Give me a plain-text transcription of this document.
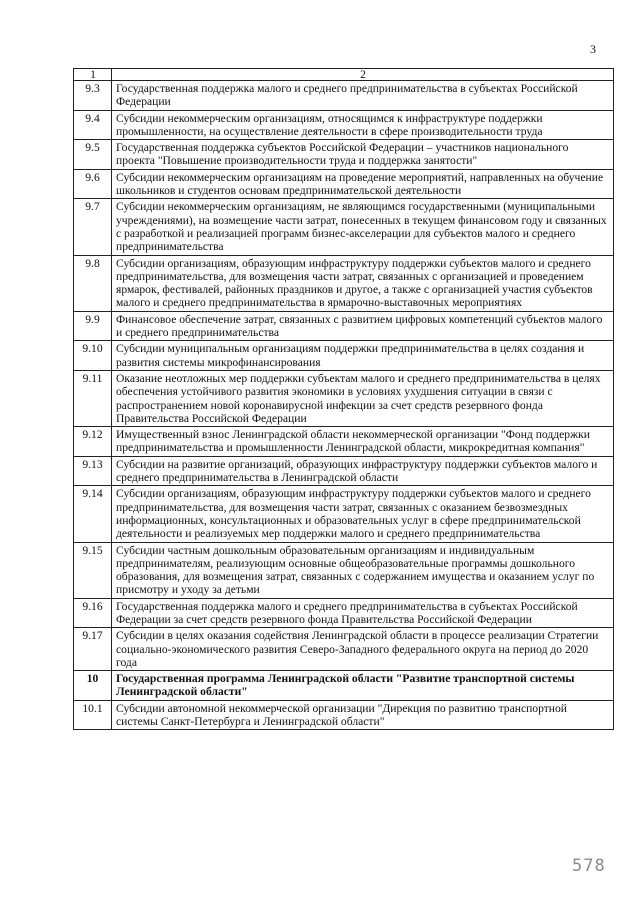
3
1	2
9.3	Государственная поддержка малого и среднего предпринимательства в субъектах Российской Федерации
9.4	Субсидии некоммерческим организациям, относящимся к инфраструктуре поддержки промышленности, на осуществление деятельности в сфере производительности труда
9.5	Государственная поддержка субъектов Российской Федерации – участников национального проекта "Повышение производительности труда и поддержка занятости"
9.6	Субсидии некоммерческим организациям на проведение мероприятий, направленных на обучение школьников и студентов основам предпринимательской деятельности
9.7	Субсидии некоммерческим организациям, не являющимся государственными (муниципальными учреждениями), на возмещение части затрат, понесенных в текущем финансовом году и связанных с разработкой и реализацией программ бизнес-акселерации для субъектов малого и среднего предпринимательства
9.8	Субсидии организациям, образующим инфраструктуру поддержки субъектов малого и среднего предпринимательства, для возмещения части затрат, связанных с организацией и проведением ярмарок, фестивалей, районных праздников и другое, а также с организацией участия субъектов малого и среднего предпринимательства в ярмарочно-выставочных мероприятиях
9.9	Финансовое обеспечение затрат, связанных с развитием цифровых компетенций субъектов малого и среднего предпринимательства
9.10	Субсидии муниципальным организациям поддержки предпринимательства в целях создания и развития системы микрофинансирования
9.11	Оказание неотложных мер поддержки субъектам малого и среднего предпринимательства в целях обеспечения устойчивого развития экономики в условиях ухудшения ситуации в связи с распространением новой коронавирусной инфекции за счет средств резервного фонда Правительства Российской Федерации
9.12	Имущественный взнос Ленинградской области некоммерческой организации "Фонд поддержки предпринимательства и промышленности Ленинградской области, микрокредитная компания"
9.13	Субсидии на развитие организаций, образующих инфраструктуру поддержки субъектов малого и среднего предпринимательства в Ленинградской области
9.14	Субсидии организациям, образующим инфраструктуру поддержки субъектов малого и среднего предпринимательства, для возмещения части затрат, связанных с оказанием безвозмездных информационных, консультационных и образовательных услуг в сфере предпринимательской деятельности и реализуемых мер поддержки малого и среднего предпринимательства
9.15	Субсидии частным дошкольным образовательным организациям и индивидуальным предпринимателям, реализующим основные общеобразовательные программы дошкольного образования, для возмещения затрат, связанных с содержанием имущества и оказанием услуг по присмотру и уходу за детьми
9.16	Государственная поддержка малого и среднего предпринимательства в субъектах Российской Федерации за счет средств резервного фонда Правительства Российской Федерации
9.17	Субсидии в целях оказания содействия Ленинградской области в процессе реализации Стратегии социально-экономического развития Северо-Западного федерального округа на период до 2020 года
10	Государственная программа Ленинградской области "Развитие транспортной системы Ленинградской области"
10.1	Субсидии автономной некоммерческой организации "Дирекция по развитию транспортной системы Санкт-Петербурга и Ленинградской области"
578
